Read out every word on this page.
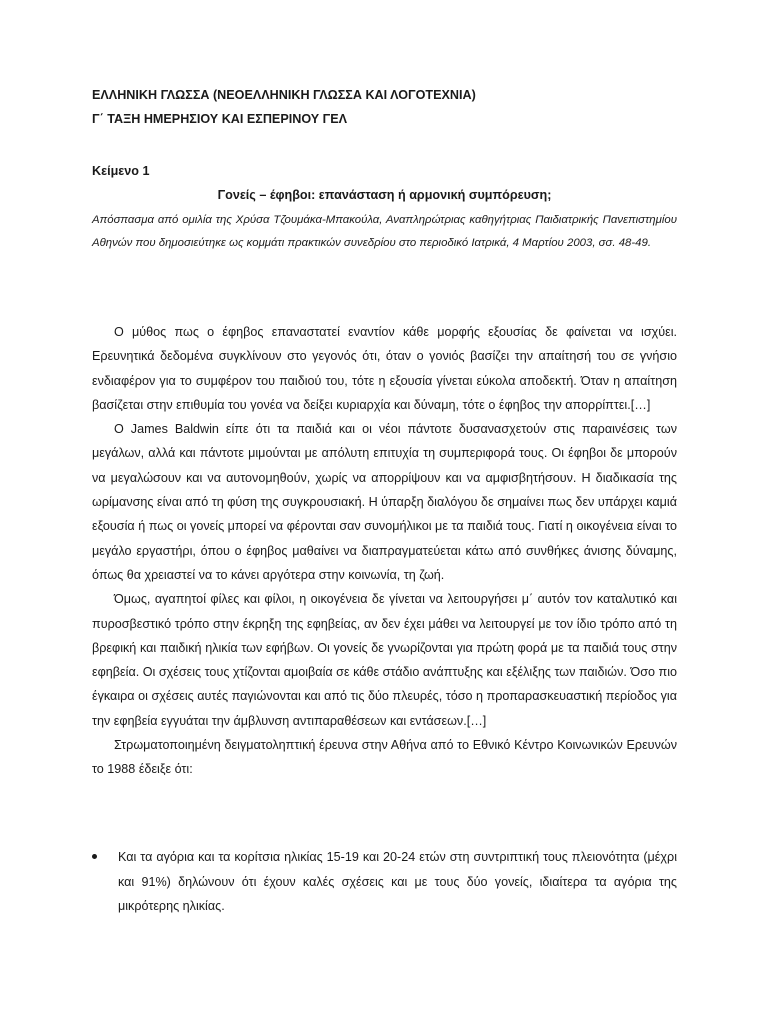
ΕΛΛΗΝΙΚΗ ΓΛΩΣΣΑ (ΝΕΟΕΛΛΗΝΙΚΗ ΓΛΩΣΣΑ ΚΑΙ ΛΟΓΟΤΕΧΝΙΑ)
Γ΄ ΤΑΞΗ ΗΜΕΡΗΣΙΟΥ ΚΑΙ ΕΣΠΕΡΙΝΟΥ ΓΕΛ
Κείμενο 1
Γονείς – έφηβοι: επανάσταση ή αρμονική συμπόρευση;
Απόσπασμα από ομιλία της Χρύσα Τζουμάκα-Μπακούλα, Αναπληρώτριας καθηγήτριας Παιδιατρικής Πανεπιστημίου Αθηνών που δημοσιεύτηκε ως κομμάτι πρακτικών συνεδρίου στο περιοδικό Ιατρικά, 4 Μαρτίου 2003, σσ. 48-49.

Ο μύθος πως ο έφηβος επαναστατεί εναντίον κάθε μορφής εξουσίας δε φαίνεται να ισχύει. Ερευνητικά δεδομένα συγκλίνουν στο γεγονός ότι, όταν ο γονιός βασίζει την απαίτησή του σε γνήσιο ενδιαφέρον για το συμφέρον του παιδιού του, τότε η εξουσία γίνεται εύκολα αποδεκτή. Όταν η απαίτηση βασίζεται στην επιθυμία του γονέα να δείξει κυριαρχία και δύναμη, τότε ο έφηβος την απορρίπτει.[…]

Ο James Baldwin είπε ότι τα παιδιά και οι νέοι πάντοτε δυσανασχετούν στις παραινέσεις των μεγάλων, αλλά και πάντοτε μιμούνται με απόλυτη επιτυχία τη συμπεριφορά τους. Οι έφηβοι δε μπορούν να μεγαλώσουν και να αυτονομηθούν, χωρίς να απορρίψουν και να αμφισβητήσουν. Η διαδικασία της ωρίμανσης είναι από τη φύση της συγκρουσιακή. Η ύπαρξη διαλόγου δε σημαίνει πως δεν υπάρχει καμιά εξουσία ή πως οι γονείς μπορεί να φέρονται σαν συνομήλικοι με τα παιδιά τους. Γιατί η οικογένεια είναι το μεγάλο εργαστήρι, όπου ο έφηβος μαθαίνει να διαπραγματεύεται κάτω από συνθήκες άνισης δύναμης, όπως θα χρειαστεί να το κάνει αργότερα στην κοινωνία, τη ζωή.

Όμως, αγαπητοί φίλες και φίλοι, η οικογένεια δε γίνεται να λειτουργήσει μ΄ αυτόν τον καταλυτικό και πυροσβεστικό τρόπο στην έκρηξη της εφηβείας, αν δεν έχει μάθει να λειτουργεί με τον ίδιο τρόπο από τη βρεφική και παιδική ηλικία των εφήβων. Οι γονείς δε γνωρίζονται για πρώτη φορά με τα παιδιά τους στην εφηβεία. Οι σχέσεις τους χτίζονται αμοιβαία σε κάθε στάδιο ανάπτυξης και εξέλιξης των παιδιών. Όσο πιο έγκαιρα οι σχέσεις αυτές παγιώνονται και από τις δύο πλευρές, τόσο η προπαρασκευαστική περίοδος για την εφηβεία εγγυάται την άμβλυνση αντιπαραθέσεων και εντάσεων.[…]

Στρωματοποιημένη δειγματοληπτική έρευνα στην Αθήνα από το Εθνικό Κέντρο Κοινωνικών Ερευνών το 1988 έδειξε ότι:

Και τα αγόρια και τα κορίτσια ηλικίας 15-19 και 20-24 ετών στη συντριπτική τους πλειονότητα (μέχρι και 91%) δηλώνουν ότι έχουν καλές σχέσεις και με τους δύο γονείς, ιδιαίτερα τα αγόρια της μικρότερης ηλικίας.
